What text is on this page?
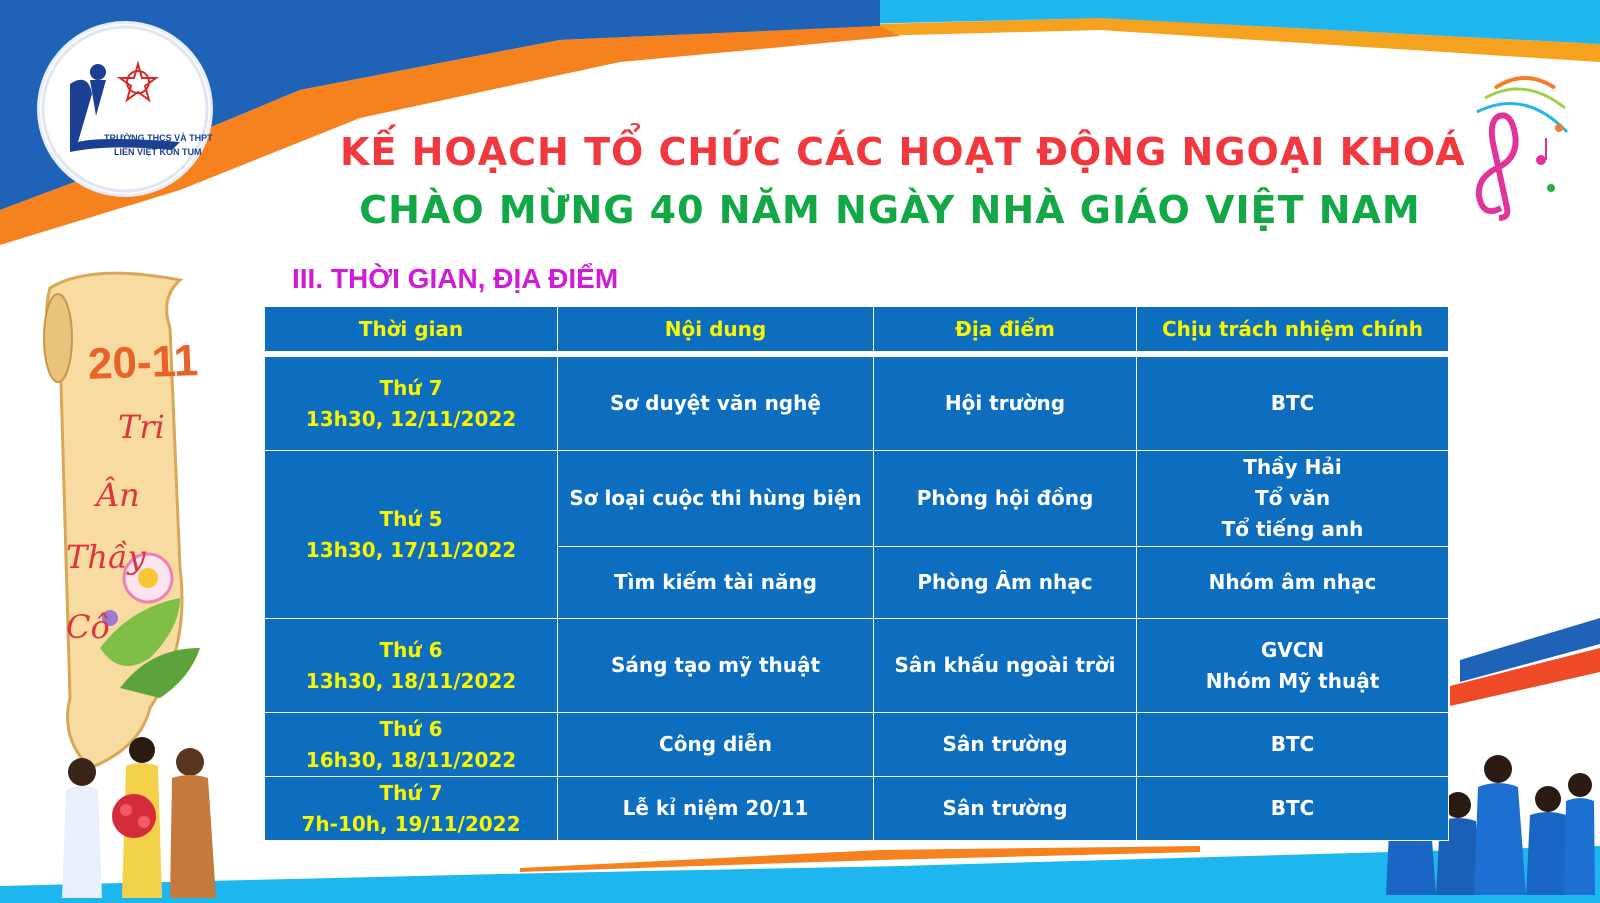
TRƯỜNG THCS VÀ THPT
LIÊN VIỆT KON TUM	KẾ HOẠCH TỔ CHỨC CÁC HOẠT ĐỘNG NGOẠI KHOÁ
CHÀO MỪNG 40 NĂM NGÀY NHÀ GIÁO VIỆT NAM
III. THỜI GIAN, ĐỊA ĐIỂM
20-11
Tri
Ân
Thầy
Cô
Thời gian	Nội dung	Địa điểm	Chịu trách nhiệm chính

Thứ 7
13h30, 12/11/2022	Sơ duyệt văn nghệ	Hội trường	BTC

Thứ 5
13h30, 17/11/2022	Sơ loại cuộc thi hùng biện	Phòng hội đồng	Thầy Hải
Tổ văn
Tổ tiếng anh

	Tìm kiếm tài năng	Phòng Âm nhạc	Nhóm âm nhạc

Thứ 6
13h30, 18/11/2022	Sáng tạo mỹ thuật	Sân khấu ngoài trời	GVCN
Nhóm Mỹ thuật

Thứ 6
16h30, 18/11/2022	Công diễn	Sân trường	BTC

Thứ 7
7h-10h, 19/11/2022	Lễ kỉ niệm 20/11	Sân trường	BTC
